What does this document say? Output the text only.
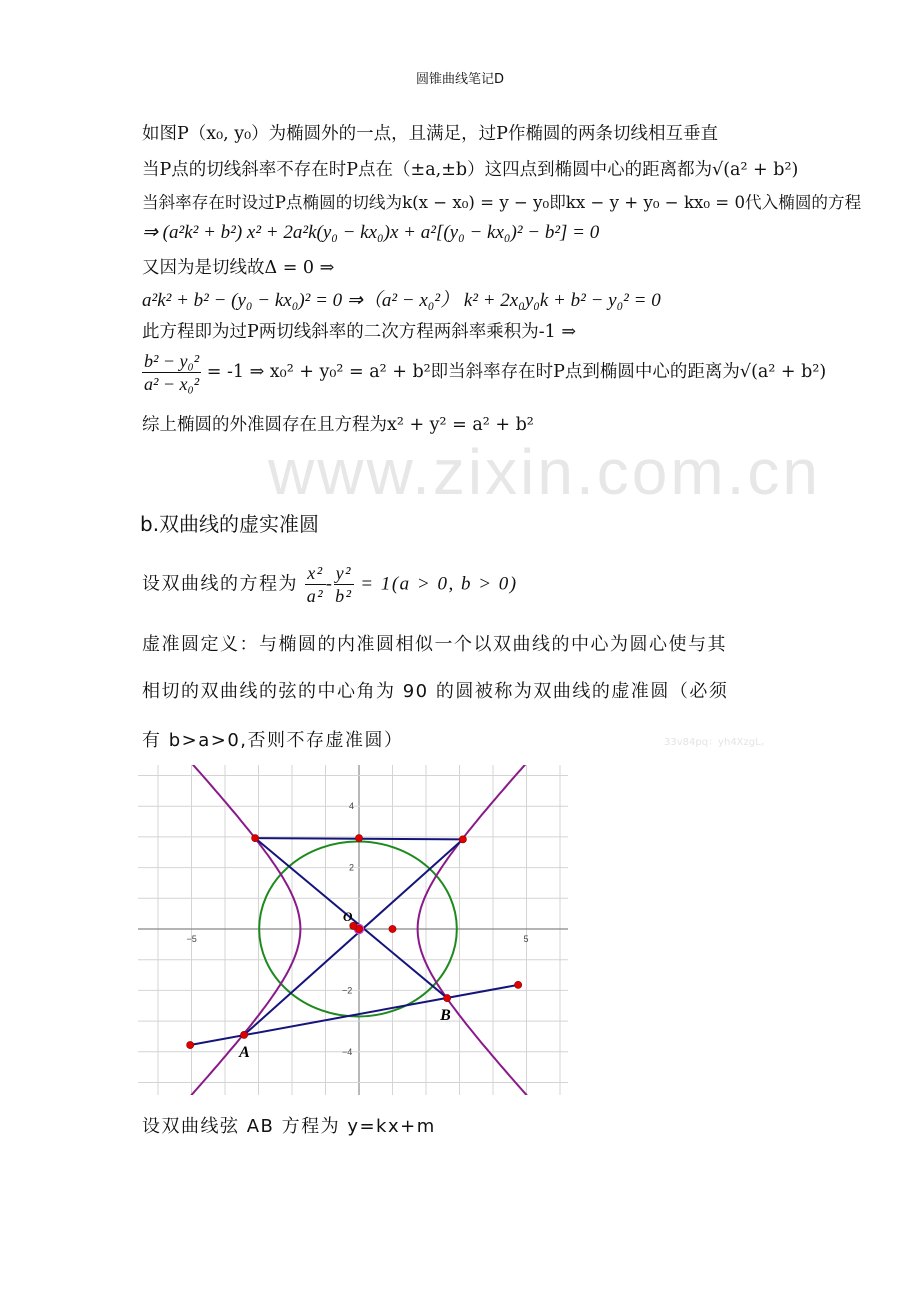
圆锥曲线笔记D
www.zixin.com.cn
33v84pq：yh4XzgL。
如图P（x₀, y₀）为椭圆外的一点，且满足，过P作椭圆的两条切线相互垂直
当P点的切线斜率不存在时P点在（±a,±b）这四点到椭圆中心的距离都为√(a² + b²)
当斜率存在时设过P点椭圆的切线为k(x − x₀) = y − y₀即kx − y + y₀ − kx₀ = 0代入椭圆的方程
⇒ (a²k² + b²) x² + 2a²k(y₀ − kx₀)x + a²[(y₀ − kx₀)² − b²] = 0
又因为是切线故Δ = 0 ⇒
a²k² + b² − (y₀ − kx₀)² = 0 ⇒（a² − x₀²） k² + 2x₀y₀k + b² − y₀² = 0
此方程即为过P两切线斜率的二次方程两斜率乘积为-1 ⇒
$\frac{\text{b² − y₀²}}{\text{a² − x₀²}} = -1$ ⇒ x₀² + y₀² = a² + b²即当斜率存在时P点到椭圆中心的距离为√(a² + b²)
综上椭圆的外准圆存在且方程为x² + y² = a² + b²
b.双曲线的虚实准圆
设双曲线的方程为 $\frac{\text{x²}}{\text{a²}} - \frac{\text{y²}}{\text{b²}} = 1(a > 0$, b > 0)
虚准圆定义：与椭圆的内准圆相似一个以双曲线的中心为圆心使与其
相切的双曲线的弦的中心角为 90 的圆被称为双曲线的虚准圆（必须
有 b>a>0,否则不存虚准圆）
−5	5
4
2
−2
−4
O
A
B
设双曲线弦 AB 方程为 y=kx+m
